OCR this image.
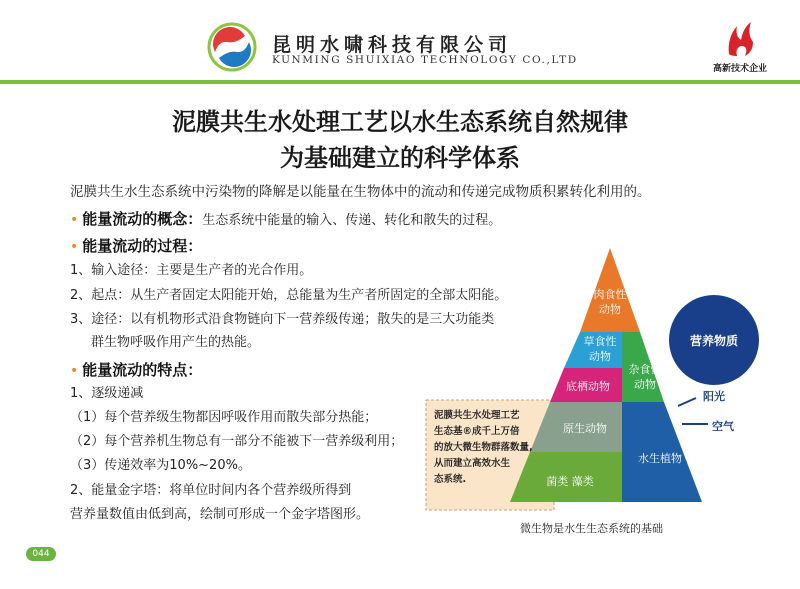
昆明水啸科技有限公司
KUNMING SHUIXIAO TECHNOLOGY CO.,LTD
高新技术企业
泥膜共生水处理工艺以水生态系统自然规律
为基础建立的科学体系
泥膜共生水生态系统中污染物的降解是以能量在生物体中的流动和传递完成物质积累转化利用的。
• 能量流动的概念：生态系统中能量的输入、传递、转化和散失的过程。
• 能量流动的过程：
1、输入途径：主要是生产者的光合作用。
2、起点：从生产者固定太阳能开始，总能量为生产者所固定的全部太阳能。
3、途径：以有机物形式沿食物链向下一营养级传递；散失的是三大功能类
群生物呼吸作用产生的热能。
• 能量流动的特点：
1、逐级递减
（1）每个营养级生物都因呼吸作用而散失部分热能；
（2）每个营养机生物总有一部分不能被下一营养级利用；
（3）传递效率为10%~20%。
2、能量金字塔：将单位时间内各个营养级所得到
营养量数值由低到高，绘制可形成一个金字塔图形。
肉食性
动物
草食性
动物
杂食性
动物
底栖动物
原生动物
菌类 藻类
水生植物
泥膜共生水处理工艺
生态基®成千上万倍
的放大微生物群落数量,
从而建立高效水生
态系统.
营养物质
阳光
空气
微生物是水生生态系统的基础
044
